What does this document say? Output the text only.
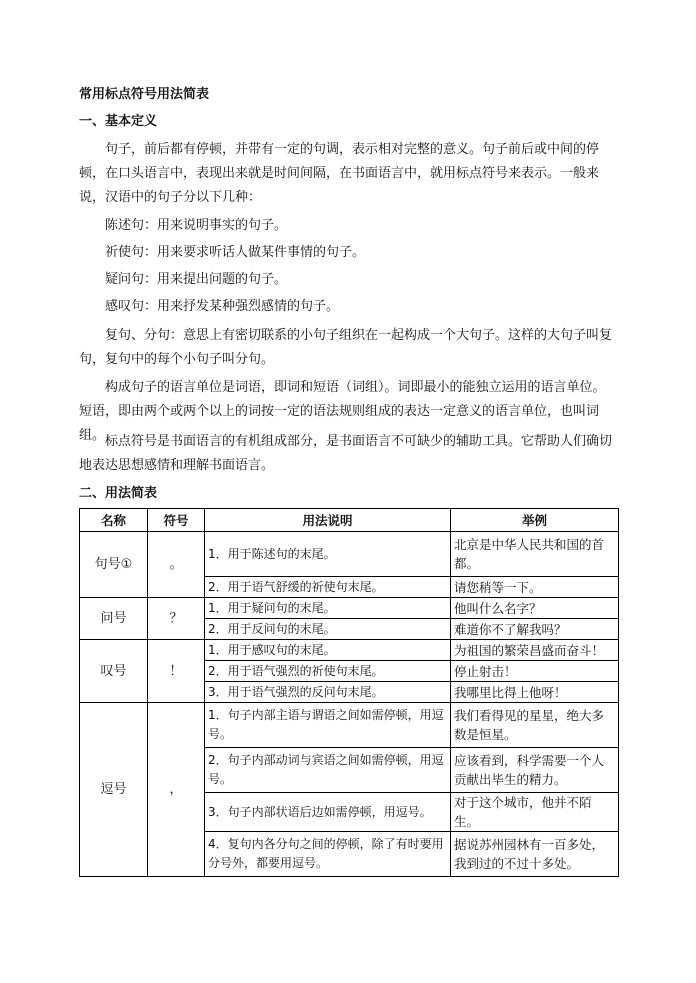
常用标点符号用法简表
一、基本定义

句子，前后都有停顿，并带有一定的句调，表示相对完整的意义。句子前后或中间的停顿，在口头语言中，表现出来就是时间间隔，在书面语言中，就用标点符号来表示。一般来说，汉语中的句子分以下几种：

陈述句：用来说明事实的句子。

祈使句：用来要求听话人做某件事情的句子。

疑问句：用来提出问题的句子。

感叹句：用来抒发某种强烈感情的句子。

复句、分句：意思上有密切联系的小句子组织在一起构成一个大句子。这样的大句子叫复句，复句中的每个小句子叫分句。

构成句子的语言单位是词语，即词和短语（词组）。词即最小的能独立运用的语言单位。短语，即由两个或两个以上的词按一定的语法规则组成的表达一定意义的语言单位，也叫词组。 标点符号是书面语言的有机组成部分，是书面语言不可缺少的辅助工具。它帮助人们确切地表达思想感情和理解书面语言。

二、用法简表
名称	符号	用法说明	举例
句号①	。	1．用于陈述句的末尾。	北京是中华人民共和国的首都。
		2．用于语气舒缓的祈使句末尾。	请您稍等一下。
问号	？	1．用于疑问句的末尾。	他叫什么名字？
		2．用于反问句的末尾。	难道你不了解我吗？
叹号	！	1．用于感叹句的末尾。	为祖国的繁荣昌盛而奋斗！
		2．用于语气强烈的祈使句末尾。	停止射击！
		3．用于语气强烈的反问句末尾。	我哪里比得上他呀！
逗号	，	1．句子内部主语与谓语之间如需停顿，用逗号。	我们看得见的星星，绝大多数是恒星。
		2．句子内部动词与宾语之间如需停顿，用逗号。	应该看到，科学需要一个人贡献出毕生的精力。
		3．句子内部状语后边如需停顿，用逗号。	对于这个城市，他并不陌生。
		4．复句内各分句之间的停顿，除了有时要用分号外，都要用逗号。	据说苏州园林有一百多处，我到过的不过十多处。
